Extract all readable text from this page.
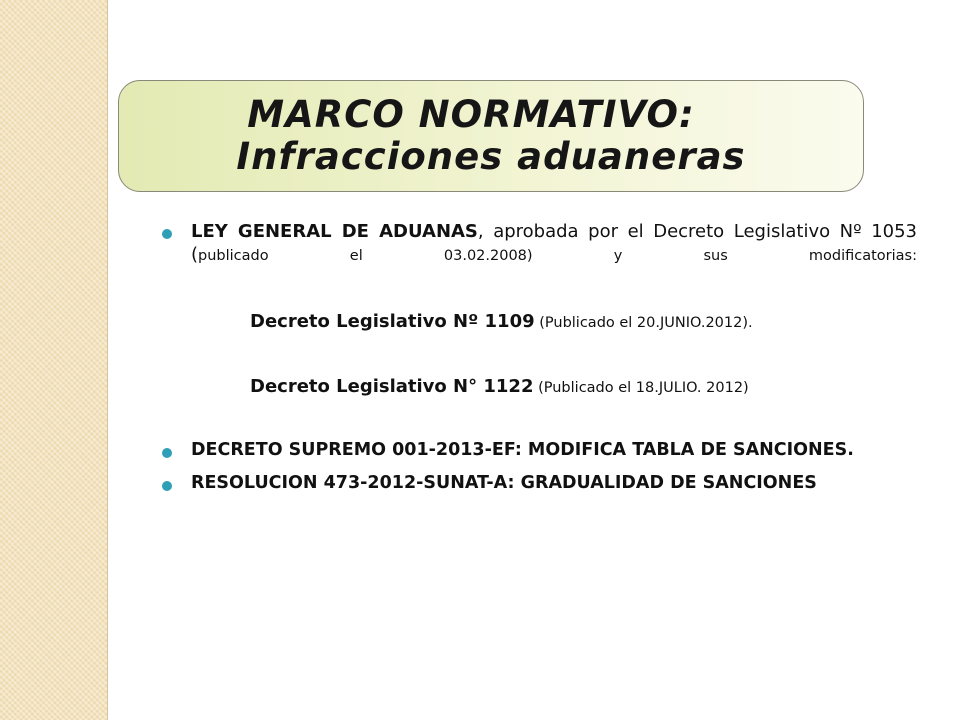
MARCO NORMATIVO:
Infracciones aduaneras
LEY GENERAL DE ADUANAS, aprobada por el Decreto Legislativo Nº 1053 (publicado el 03.02.2008) y sus modificatorias:
Decreto Legislativo Nº 1109 (Publicado el 20.JUNIO.2012).
Decreto Legislativo N° 1122 (Publicado el 18.JULIO. 2012)
DECRETO SUPREMO 001-2013-EF: MODIFICA TABLA DE SANCIONES.
RESOLUCION 473-2012-SUNAT-A: GRADUALIDAD DE SANCIONES
